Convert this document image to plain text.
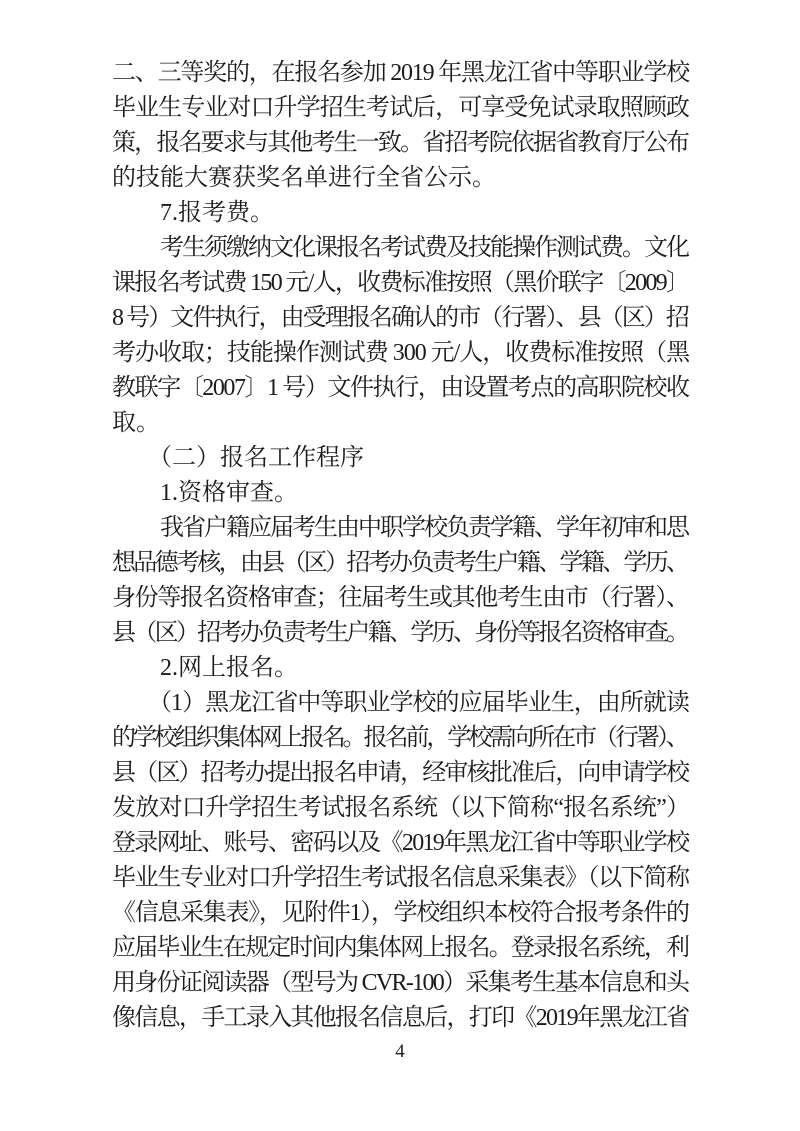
二、三等奖的，在报名参加 2019 年黑龙江省中等职业学校
毕业生专业对口升学招生考试后，可享受免试录取照顾政
策，报名要求与其他考生一致。省招考院依据省教育厅公布
的技能大赛获奖名单进行全省公示。
7.报考费。
考生须缴纳文化课报名考试费及技能操作测试费。文化
课报名考试费 150 元/人，收费标准按照（黑价联字〔2009〕
8 号）文件执行，由受理报名确认的市（行署）、县（区）招
考办收取；技能操作测试费 300 元/人，收费标准按照（黑
教联字〔2007〕1 号）文件执行，由设置考点的高职院校收
取。
（二）报名工作程序
1.资格审查。
我省户籍应届考生由中职学校负责学籍、学年初审和思
想品德考核，由县（区）招考办负责考生户籍、学籍、学历、
身份等报名资格审查；往届考生或其他考生由市（行署）、
县（区）招考办负责考生户籍、学历、身份等报名资格审查。
2.网上报名。
（1）黑龙江省中等职业学校的应届毕业生，由所就读
的学校组织集体网上报名。报名前，学校需向所在市（行署）、
县（区）招考办提出报名申请，经审核批准后，向申请学校
发放对口升学招生考试报名系统（以下简称“报名系统”）
登录网址、账号、密码以及《2019年黑龙江省中等职业学校
毕业生专业对口升学招生考试报名信息采集表》（以下简称
《信息采集表》，见附件1），学校组织本校符合报考条件的
应届毕业生在规定时间内集体网上报名。登录报名系统，利
用身份证阅读器（型号为 CVR-100）采集考生基本信息和头
像信息，手工录入其他报名信息后，打印《2019年黑龙江省
4
